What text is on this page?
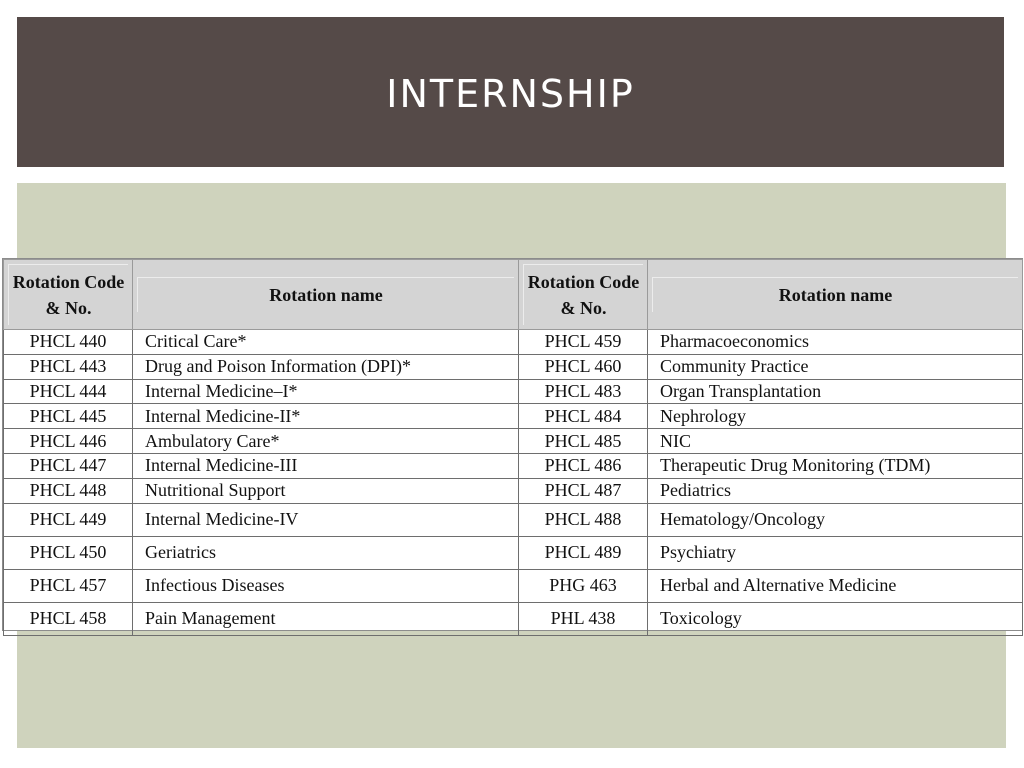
INTERNSHIP
Rotation Code & No.	Rotation name	Rotation Code & No.	Rotation name

PHCL 440	Critical Care*	PHCL 459	Pharmacoeconomics
PHCL 443	Drug and Poison Information (DPI)*	PHCL 460	Community Practice
PHCL 444	Internal Medicine–I*	PHCL 483	Organ Transplantation
PHCL 445	Internal Medicine-II*	PHCL 484	Nephrology
PHCL 446	Ambulatory Care*	PHCL 485	NIC
PHCL 447	Internal Medicine-III	PHCL 486	Therapeutic Drug Monitoring (TDM)
PHCL 448	Nutritional Support	PHCL 487	Pediatrics
PHCL 449	Internal Medicine-IV	PHCL 488	Hematology/Oncology
PHCL 450	Geriatrics	PHCL 489	Psychiatry
PHCL 457	Infectious Diseases	PHG 463	Herbal and Alternative Medicine
PHCL 458	Pain Management	PHL 438	Toxicology
